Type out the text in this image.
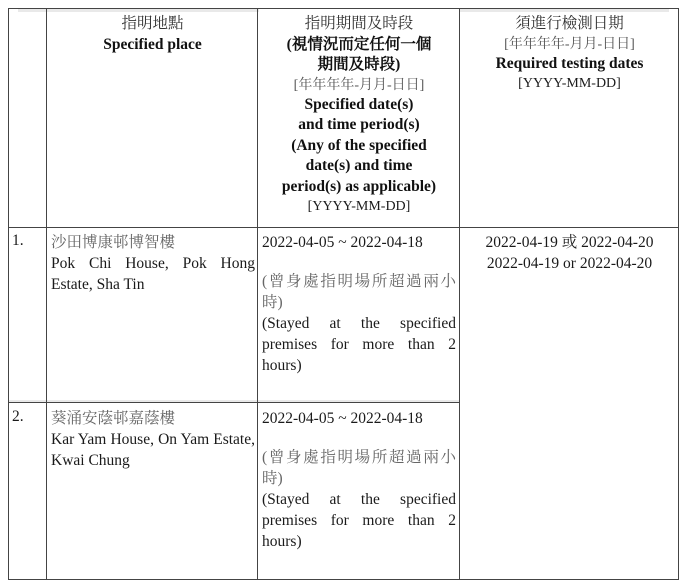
指明地點
Specified place
指明期間及時段
(視情況而定任何一個
期間及時段)
[年年年年-月月-日日]
Specified date(s)
and time period(s)
(Any of the specified
date(s) and time
period(s) as applicable)
[YYYY-MM-DD]
須進行檢測日期
[年年年年-月月-日日]
Required testing dates
[YYYY-MM-DD]
1. 沙田博康邨博智樓
Pok Chi House, Pok Hong Estate, Sha Tin
2022-04-05 ~ 2022-04-18
(曾身處指明場所超過兩小時)
(Stayed at the specified premises for more than 2 hours)
2022-04-19 或 2022-04-20
2022-04-19 or 2022-04-20
2. 葵涌安蔭邨嘉蔭樓
Kar Yam House, On Yam Estate, Kwai Chung
2022-04-05 ~ 2022-04-18
(曾身處指明場所超過兩小時)
(Stayed at the specified premises for more than 2 hours)
